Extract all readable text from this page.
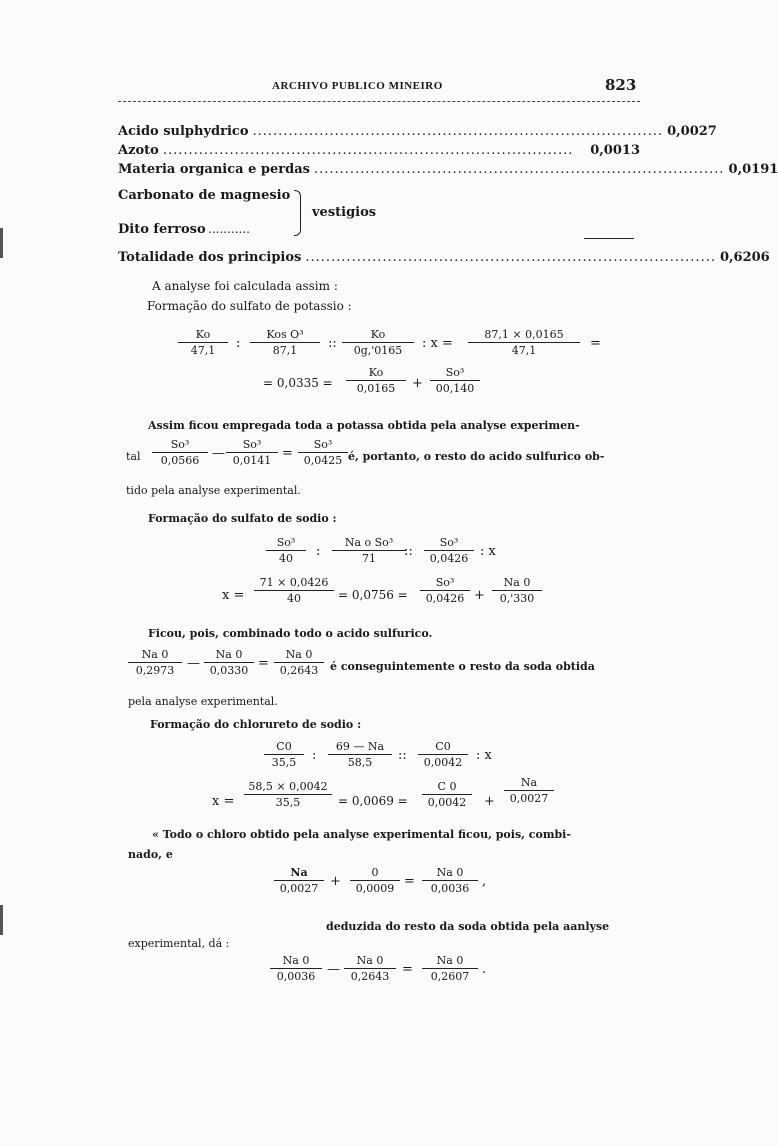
ARCHIVO PUBLICO MINEIRO	823
Acido sulphydrico ................................................................................ 0,0027
Azoto ................................................................................	0,0013
Materia organica e perdas ................................................................................ 0,0191
Carbonato de magnesio
Dito ferroso ...........
vestigios
Totalidade dos principios ................................................................................ 0,6206
A analyse foi calculada assim :
Formação do sulfato de potassio :
Ko
47,1 :
Kos O³
87,1 ::
Ko
0g,'0165 : x =
87,1 × 0,0165
47,1	=
= 0,0335 =
Ko
0,0165 +
So³
00,140
Assim ficou empregada toda a potassa obtida pela analyse experimen-
tal
So³
0,0566 —
So³
0,0141 =
So³
0,0425 é, portanto, o resto do acido sulfurico ob-
tido pela analyse experimental.
Formação do sulfato de sodio :
So³
40 :
Na o So³
71 ::
So³
0,0426 : x
x =
71 × 0,0426
40	= 0,0756 =
So³
0,0426 +
Na 0
0,'330
Ficou, pois, combinado todo o acido sulfurico.
Na 0
0,2973 —
Na 0
0,0330 =
Na 0
0,2643 é conseguintemente o resto da soda obtida
pela analyse experimental.
Formação do chlorureto de sodio :
C0
35,5 :
69 — Na
58,5 ::
C0
0,0042 : x
x =
58,5 × 0,0042
35,5	= 0,0069 =
C 0
0,0042 +
Na
0,0027
« Todo o chloro obtido pela analyse experimental ficou, pois, combi-
nado, e
Na
0,0027 +
0
0,0009 =
Na 0
0,0036 ,
deduzida do resto da soda obtida pela aanlyse
experimental, dá :
Na 0
0,0036 —
Na 0
0,2643 =
Na 0
0,2607 .
